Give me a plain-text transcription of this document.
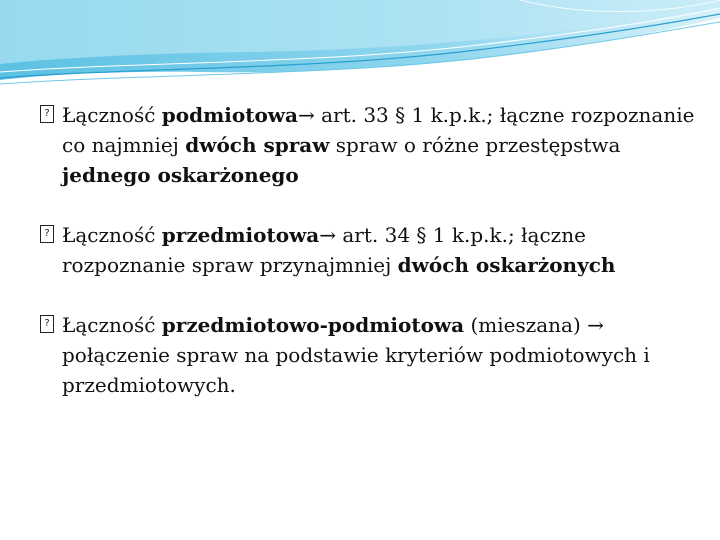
? Łączność podmiotowa→ art. 33 § 1 k.p.k.; łączne rozpoznanie co najmniej dwóch spraw spraw o różne przestępstwa jednego oskarżonego

? Łączność przedmiotowa→ art. 34 § 1 k.p.k.; łączne rozpoznanie spraw przynajmniej dwóch oskarżonych

? Łączność przedmiotowo-podmiotowa (mieszana) → połączenie spraw na podstawie kryteriów podmiotowych i przedmiotowych.
